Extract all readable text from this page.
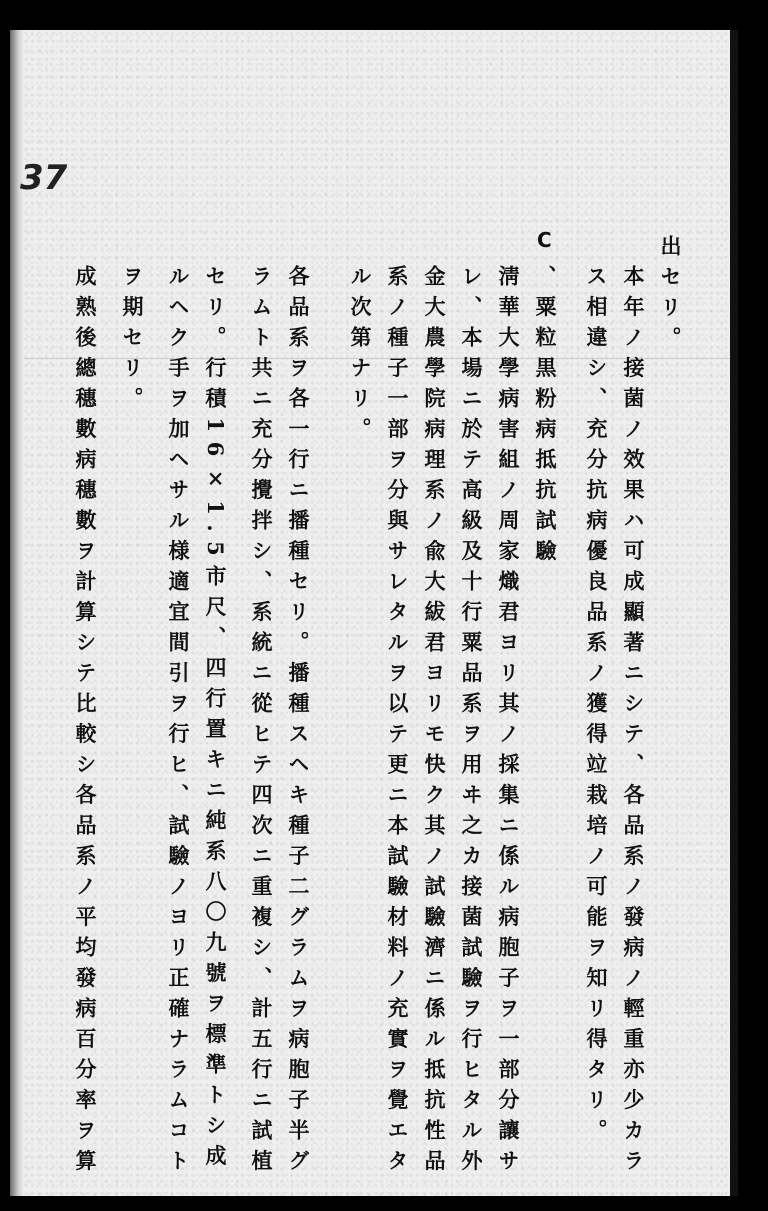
37
C	出セリ。
本年ノ接菌ノ效果ハ可成顯著ニシテ、各品系ノ發病ノ輕重亦少カラ
ス相違シ、充分抗病優良品系ノ獲得竝栽培ノ可能ヲ知リ得タリ。
、粟粒黒粉病抵抗試驗
淸華大學病害組ノ周家熾君ヨリ其ノ採集ニ係ル病胞子ヲ一部分讓サ
レ、本場ニ於テ高級及十行粟品系ヲ用ヰ之カ接菌試驗ヲ行ヒタル外
金大農學院病理系ノ兪大紱君ヨリモ快ク其ノ試驗濟ニ係ル抵抗性品
系ノ種子一部ヲ分與サレタルヲ以テ更ニ本試驗材料ノ充實ヲ覺エタ
ル次第ナリ。
各品系ヲ各一行ニ播種セリ。播種スヘキ種子二グラムヲ病胞子半グ
ラムト共ニ充分攪拌シ、系統ニ從ヒテ四次ニ重複シ、計五行ニ試植
セリ。行積16×1.5市尺、四行置キニ純系八〇九號ヲ標準トシ成
ルヘク手ヲ加ヘサル様適宜間引ヲ行ヒ、試驗ノヨリ正確ナラムコト
ヲ期セリ。
成熟後總穗數病穗數ヲ計算シテ比較シ各品系ノ平均發病百分率ヲ算
